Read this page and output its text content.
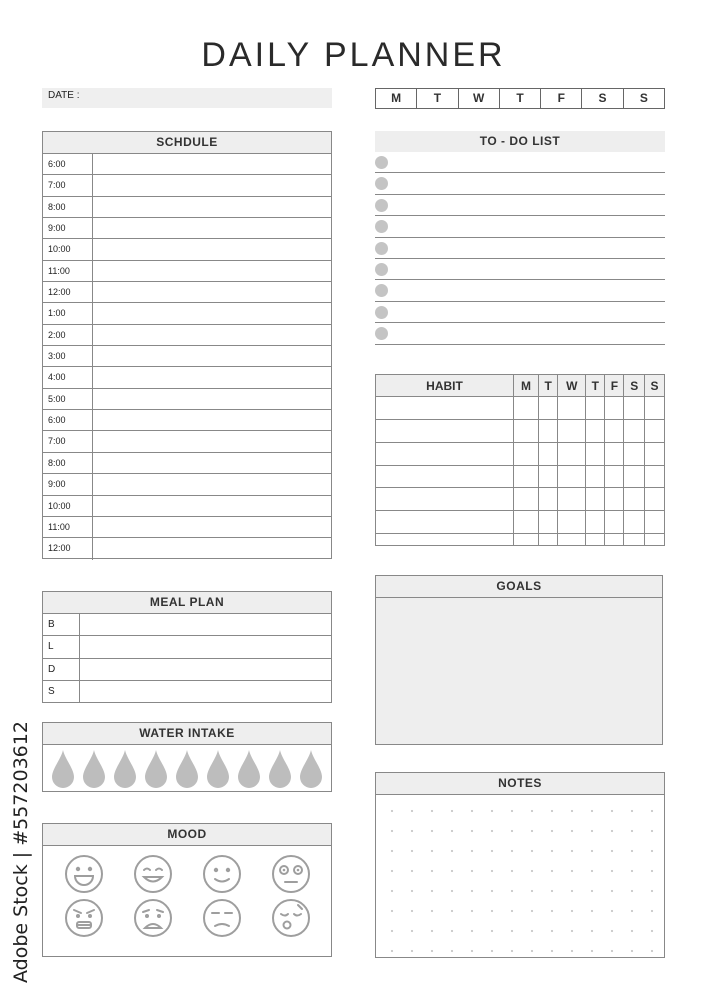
DAILY PLANNER
DATE :	M	T	W	T	F	S	S
SCHDULE
6:00
7:00
8:00
9:00
10:00
11:00
12:00
1:00
2:00
3:00
4:00
5:00
6:00
7:00
8:00
9:00
10:00
11:00
12:00
TO - DO LIST
HABIT	M	T	W	T	F	S	S

MEAL PLAN
B
L
D
S
WATER INTAKE
MOOD
GOALS
NOTES
Adobe Stock | #557203612
